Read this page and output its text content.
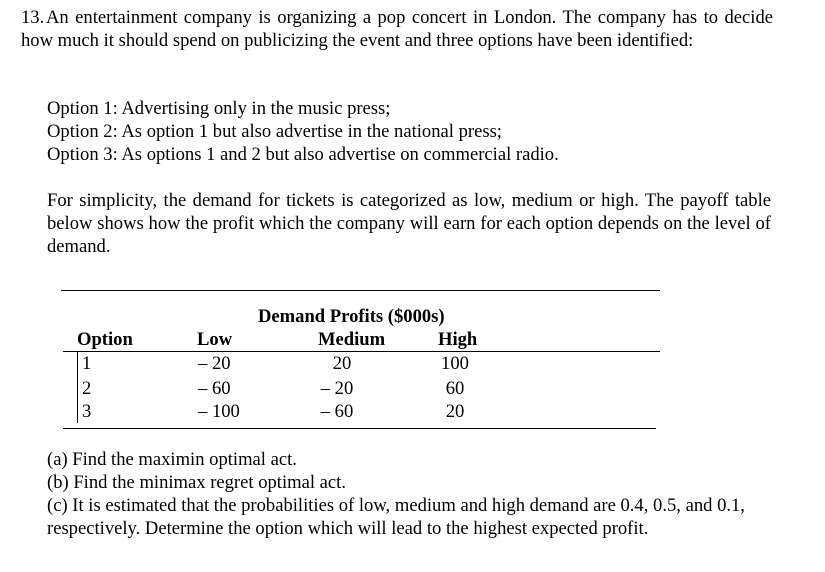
13. An entertainment company is organizing a pop concert in London. The company has to decide how much it should spend on publicizing the event and three options have been identified:
Option 1: Advertising only in the music press;
Option 2: As option 1 but also advertise in the national press;
Option 3: As options 1 and 2 but also advertise on commercial radio.
For simplicity, the demand for tickets is categorized as low, medium or high. The payoff table below shows how the profit which the company will earn for each option depends on the level of demand.
Demand Profits ($000s)
Option	Low	Medium	High
1	– 20	20	100
2	– 60	– 20	60
3	– 100	– 60	20
(a) Find the maximin optimal act.
(b) Find the minimax regret optimal act.
(c) It is estimated that the probabilities of low, medium and high demand are 0.4, 0.5, and 0.1, respectively. Determine the option which will lead to the highest expected profit.
